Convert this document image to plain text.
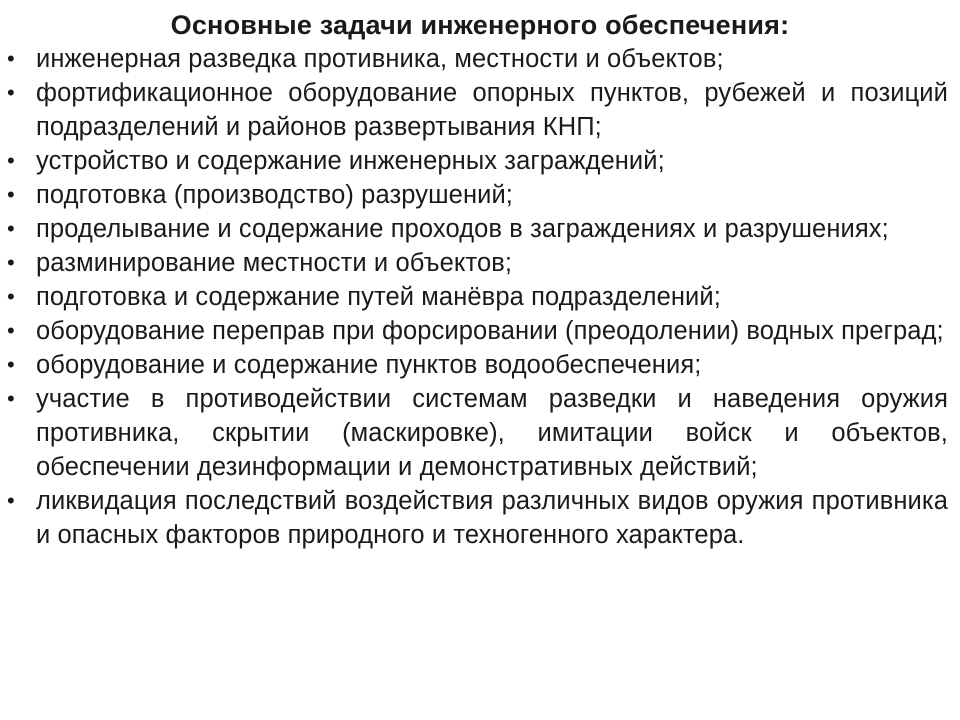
Основные задачи инженерного обеспечения:
•
инженерная разведка противника, местности и объектов;
•
фортификационное оборудование опорных пунктов, рубежей и позиций подразделений и районов развертывания КНП;
•
устройство и содержание инженерных заграждений;
•
подготовка (производство) разрушений;
•
проделывание и содержание проходов в заграждениях и разрушениях;
•
разминирование местности и объектов;
•
подготовка и содержание путей манёвра подразделений;
•
оборудование переправ при форсировании (преодолении) водных преград;
•
оборудование и содержание пунктов водообеспечения;
•
участие в противодействии системам разведки и наведения оружия противника, скрытии (маскировке), имитации войск и объектов, обеспечении дезинформации и демонстративных действий;
•
ликвидация последствий воздействия различных видов оружия противника и опасных факторов природного и техногенного характера.
